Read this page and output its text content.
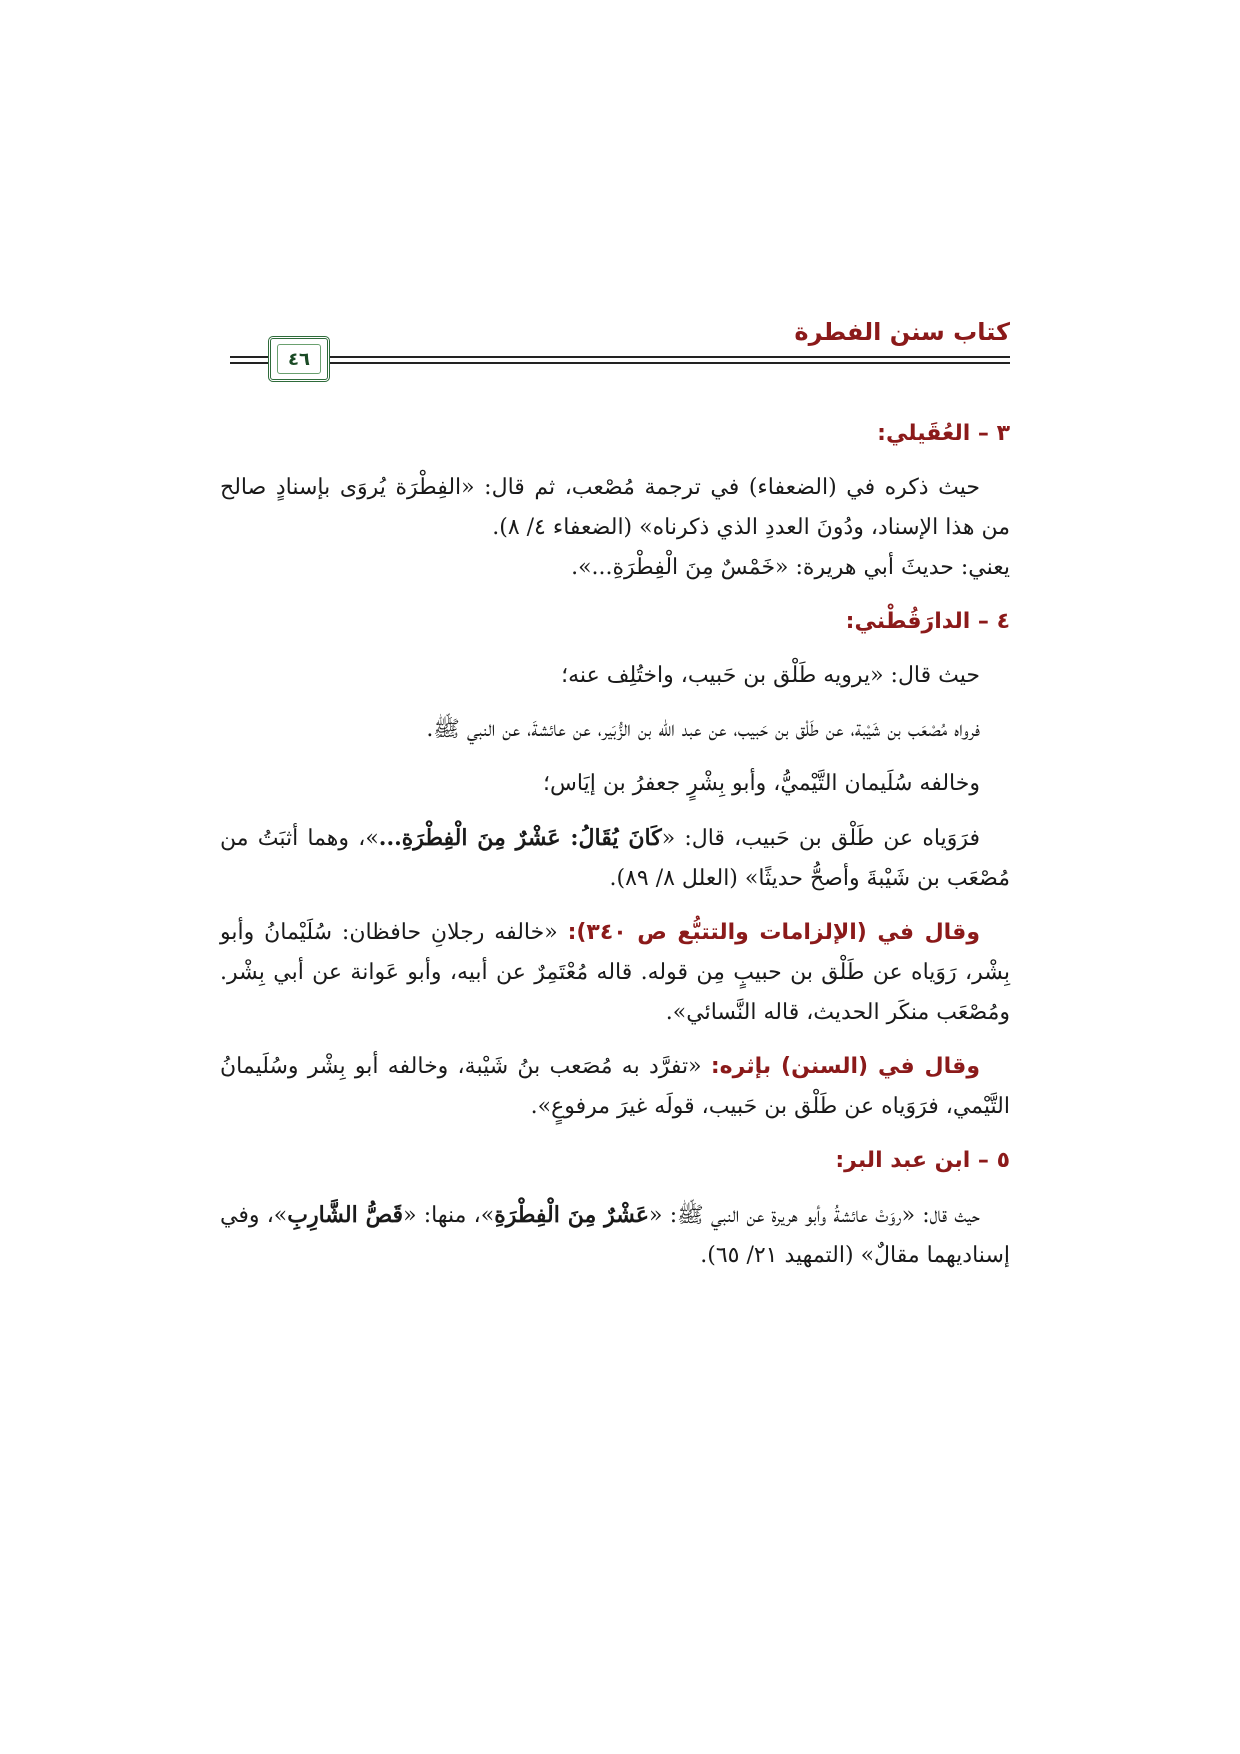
كتاب سنن الفطرة
٤٦
٣ – العُقَيلي:

حيث ذكره في (الضعفاء) في ترجمة مُصْعب، ثم قال: «الفِطْرَة يُروَى بإسنادٍ صالح من هذا الإسناد، ودُونَ العددِ الذي ذكرناه» (الضعفاء ٤/ ٨).

يعني: حديثَ أبي هريرة: «خَمْسٌ مِنَ الْفِطْرَةِ...».

٤ – الدارَقُطْني:

حيث قال: «يرويه طَلْق بن حَبيب، واختُلِف عنه؛

فرواه مُصْعَب بن شَيْبة، عن طَلْق بن حَبيب، عن عبد الله بن الزُّبَير، عن عائشةَ، عن النبي ﷺ.

وخالفه سُلَيمان التَّيْميُّ، وأبو بِشْرٍ جعفرُ بن إيَاس؛

فرَوَياه عن طَلْق بن حَبيب، قال: «كَانَ يُقَالُ: عَشْرٌ مِنَ الْفِطْرَةِ...»، وهما أثبَتُ من مُصْعَب بن شَيْبةَ وأصحُّ حديثًا» (العلل ٨/ ٨٩).

وقال في (الإلزامات والتتبُّع ص ٣٤٠): «خالفه رجلانِ حافظان: سُلَيْمانُ وأبو بِشْر، رَوَياه عن طَلْق بن حبيبٍ مِن قوله. قاله مُعْتَمِرٌ عن أبيه، وأبو عَوانة عن أبي بِشْر. ومُصْعَب منكَر الحديث، قاله النَّسائي».

وقال في (السنن) بإثره: «تفرَّد به مُصَعب بنُ شَيْبة، وخالفه أبو بِشْر وسُلَيمانُ التَّيْمي، فرَوَياه عن طَلْق بن حَبيب، قولَه غيرَ مرفوعٍ».

٥ – ابن عبد البر:

حيث قال: «روَتْ عائشةُ وأبو هريرة عن النبي ﷺ: «عَشْرٌ مِنَ الْفِطْرَةِ»، منها: «قَصُّ الشَّارِبِ»، وفي إسناديهما مقالٌ» (التمهيد ٢١/ ٦٥).
